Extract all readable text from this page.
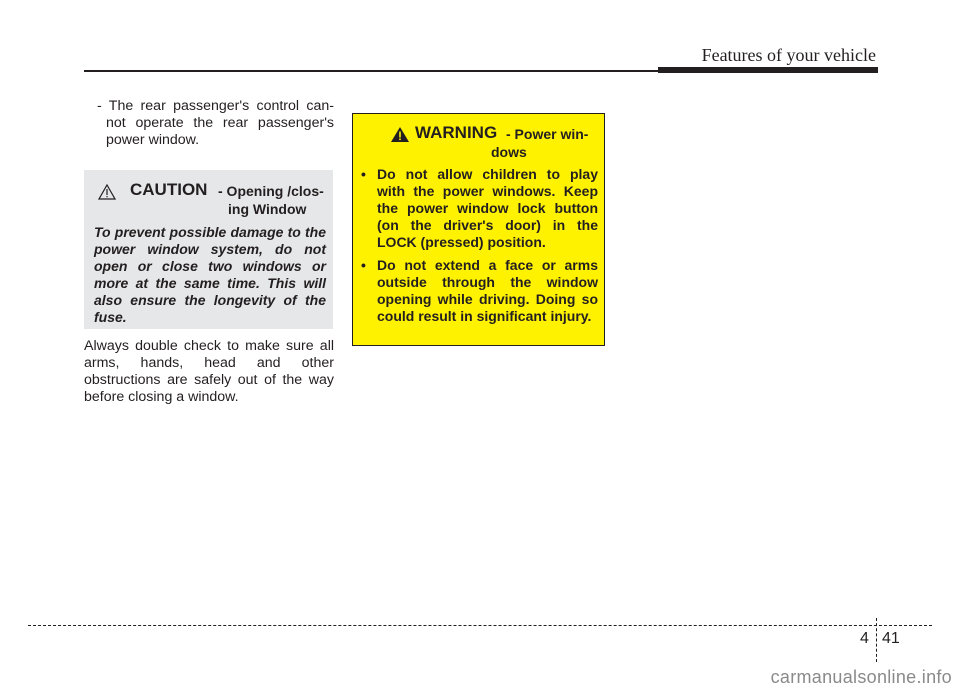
Features of your vehicle

- The rear passenger's control can-not operate the rear passenger's power window.

Always double check to make sure all arms, hands, head and other obstructions are safely out of the way before closing a window.

CAUTION - Opening /clos-
ing Window
To prevent possible damage to the power window system, do not open or close two windows or more at the same time. This will also ensure the longevity of the fuse.
WARNING - Power win-
dows
• Do not allow children to play with the power windows. Keep the power window lock button (on the driver's door) in the LOCK (pressed) position.
• Do not extend a face or arms outside through the window opening while driving. Doing so could result in significant injury.
4 41
carmanualsonline.info
